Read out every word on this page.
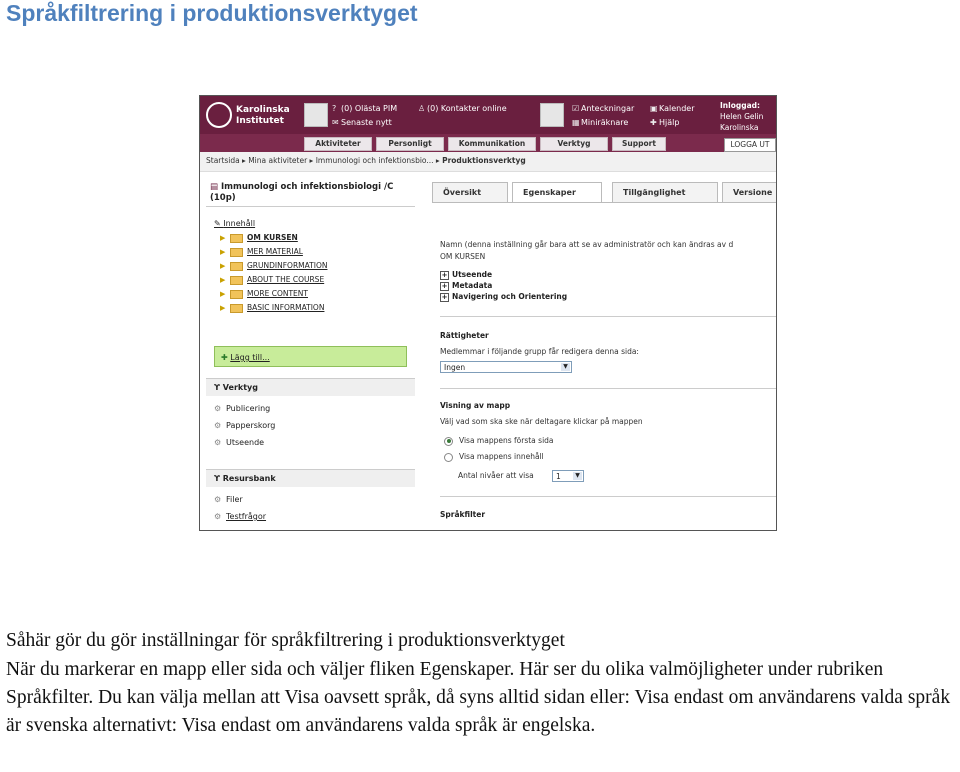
Språkfiltrering i produktionsverktyget
Karolinska Institutet
? (0) Olästa PIM	♙ (0) Kontakter online
✉ Senaste nytt
☑ Anteckningar ▣Kalender
▦Miniräknare	✚ Hjälp
Inloggad:
Helen Gelin
Karolinska
Aktiviteter	Personligt	Kommunikation	Verktyg	Support	LOGGA UT
Startsida ▸ Mina aktiviteter ▸ Immunologi och infektionsbio... ▸ Produktionsverktyg
▤ Immunologi och infektionsbiologi /C (10p)
✎ Innehåll
▶	OM KURSEN
▶	MER MATERIAL
▶	GRUNDINFORMATION
▶	ABOUT THE COURSE
▶	MORE CONTENT
▶	BASIC INFORMATION
✚ Lägg till...
ϒ Verktyg
⚙ Publicering
⚙ Papperskorg
⚙ Utseende
ϒ Resursbank
⚙ Filer
⚙ Testfrågor
Översikt	Egenskaper	Tillgänglighet	Versione
Namn (denna inställning går bara att se av administratör och kan ändras av d
OM KURSEN
+ Utseende
+ Metadata
+ Navigering och Orientering
Rättigheter
Medlemmar i följande grupp får redigera denna sida:
Ingen	▼
Visning av mapp
Välj vad som ska ske när deltagare klickar på mappen
Visa mappens första sida
Visa mappens innehåll
Antal nivåer att visa	1	▼
Språkfilter

Såhär gör du gör inställningar för språkfiltrering i produktionsverktyget

När du markerar en mapp eller sida och väljer fliken Egenskaper. Här ser du olika valmöjligheter under rubriken Språkfilter. Du kan välja mellan att Visa oavsett språk, då syns alltid sidan eller: Visa endast om användarens valda språk är svenska alternativt: Visa endast om användarens valda språk är engelska.
